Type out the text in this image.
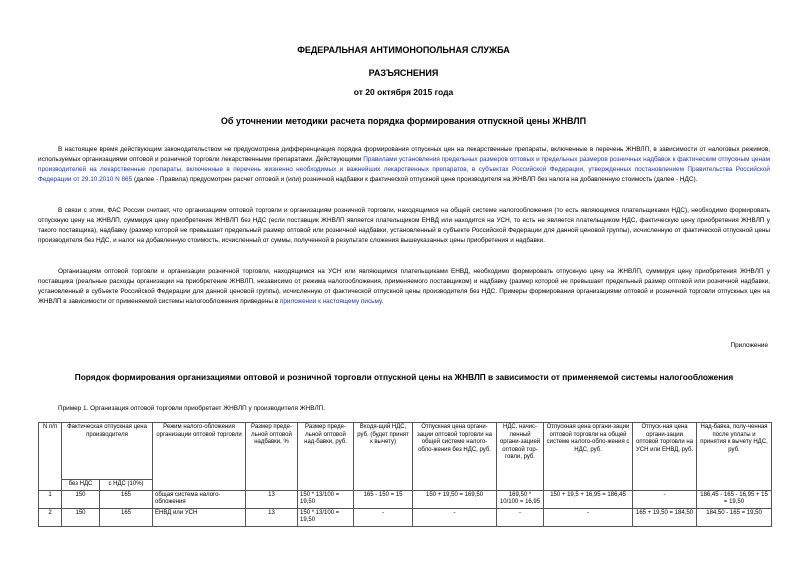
ФЕДЕРАЛЬНАЯ АНТИМОНОПОЛЬНАЯ СЛУЖБА
РАЗЪЯСНЕНИЯ
от 20 октября 2015 года
Об уточнении методики расчета порядка формирования отпускной цены ЖНВЛП
В настоящее время действующим законодательством не предусмотрена дифференциация порядка формирования отпускных цен на лекарственные препараты, включенные в перечень ЖНВЛП, в зависимости от налоговых режимов, используемых организациями оптовой и розничной торговли лекарственными препаратами. Действующими Правилами установления предельных размеров оптовых и предельных размеров розничных надбавок к фактическим отпускным ценам производителей на лекарственные препараты, включенные в перечень жизненно необходимых и важнейших лекарственных препаратов, в субъектах Российской Федерации, утвержденных постановлением Правительства Российской Федерации от 29.10.2010 N 865 (далее - Правила) предусмотрен расчет оптовой и (или) розничной надбавки к фактической отпускной цене производителя на ЖНВЛП без налога на добавленную стоимость (далее - НДС).
В связи с этим, ФАС России считает, что организациям оптовой торговли и организациям розничной торговли, находящимся на общей системе налогообложения (то есть являющимся плательщиками НДС), необходимо формировать отпускную цену на ЖНВЛП, суммируя цену приобретения ЖНВЛП без НДС (если поставщик ЖНВЛП является плательщиком ЕНВД или находится на УСН, то есть не является плательщиком НДС, фактическую цену приобретения ЖНВЛП у такого поставщика), надбавку (размер которой не превышает предельный размер оптовой или розничной надбавки, установленный в субъекте Российской Федерации для данной ценовой группы), исчисленную от фактической отпускной цены производителя без НДС, и налог на добавленную стоимость, исчисленный от суммы, полученной в результате сложения вышеуказанных цены приобретения и надбавки.
Организациям оптовой торговли и организации розничной торговли, находящимся на УСН или являющимся плательщиками ЕНВД, необходимо формировать отпускную цену на ЖНВЛП, суммируя цену приобретения ЖНВЛП у поставщика (реальные расходы организации на приобретение ЖНВЛП, независимо от режима налогообложения, применяемого поставщиком) и надбавку (размер которой не превышает предельный размер оптовой или розничной надбавки, установленный в субъекте Российской Федерации для данной ценовой группы), исчисленную от фактической отпускной цены производителя без НДС. Примеры формирования организациями оптовой и розничной торговли отпускных цен на ЖНВЛП в зависимости от применяемой системы налогообложения приведены в приложении к настоящему письму.
Приложение
Порядок формирования организациями оптовой и розничной торговли отпускной цены на ЖНВЛП в зависимости от применяемой системы налогообложения
Пример 1. Организация оптовой торговли приобретает ЖНВЛП у производителя ЖНВЛП.
N п/п	Фактическая отпускная цена производителя		Режим налого-обложения организации оптовой торговли	Размер преде-льной оптовой надбавки, %	Размер преде-льной оптовой над-бавки, руб.	Входя-щий НДС, руб. (будет принят к вычету)	Отпускная цена органи-зации оптовой торговли на общей системе налого-обло-жения без НДС, руб.	НДС, начис-ленный органи-зацией оптовой тор-говли, руб.	Отпускная цена органи-зации оптовой торговли на общей системе налого-обло-жения с НДС, руб.	Отпуск-ная цена органи-зации оптовой торговли на УСН или ЕНВД, руб.	Над-бавка, полу-ченная после уплаты и принятия к вычету НДС, руб.
	без НДС	с НДС (10%)									
1	150	165	общая система налого-обложения	13	150 * 13/100 = 19,50	165 - 150 = 15	150 + 19,50 = 169,50	169,50 * 10/100 = 16,95	150 + 19,5 + 16,95 = 186,45	-	186,45 - 165 - 16,95 + 15 = 19,50
2	150	165	ЕНВД или УСН	13	150 * 13/100 = 19,50	-	-	-	-	165 + 19,50 = 184,50	184,50 - 165 = 19,50
